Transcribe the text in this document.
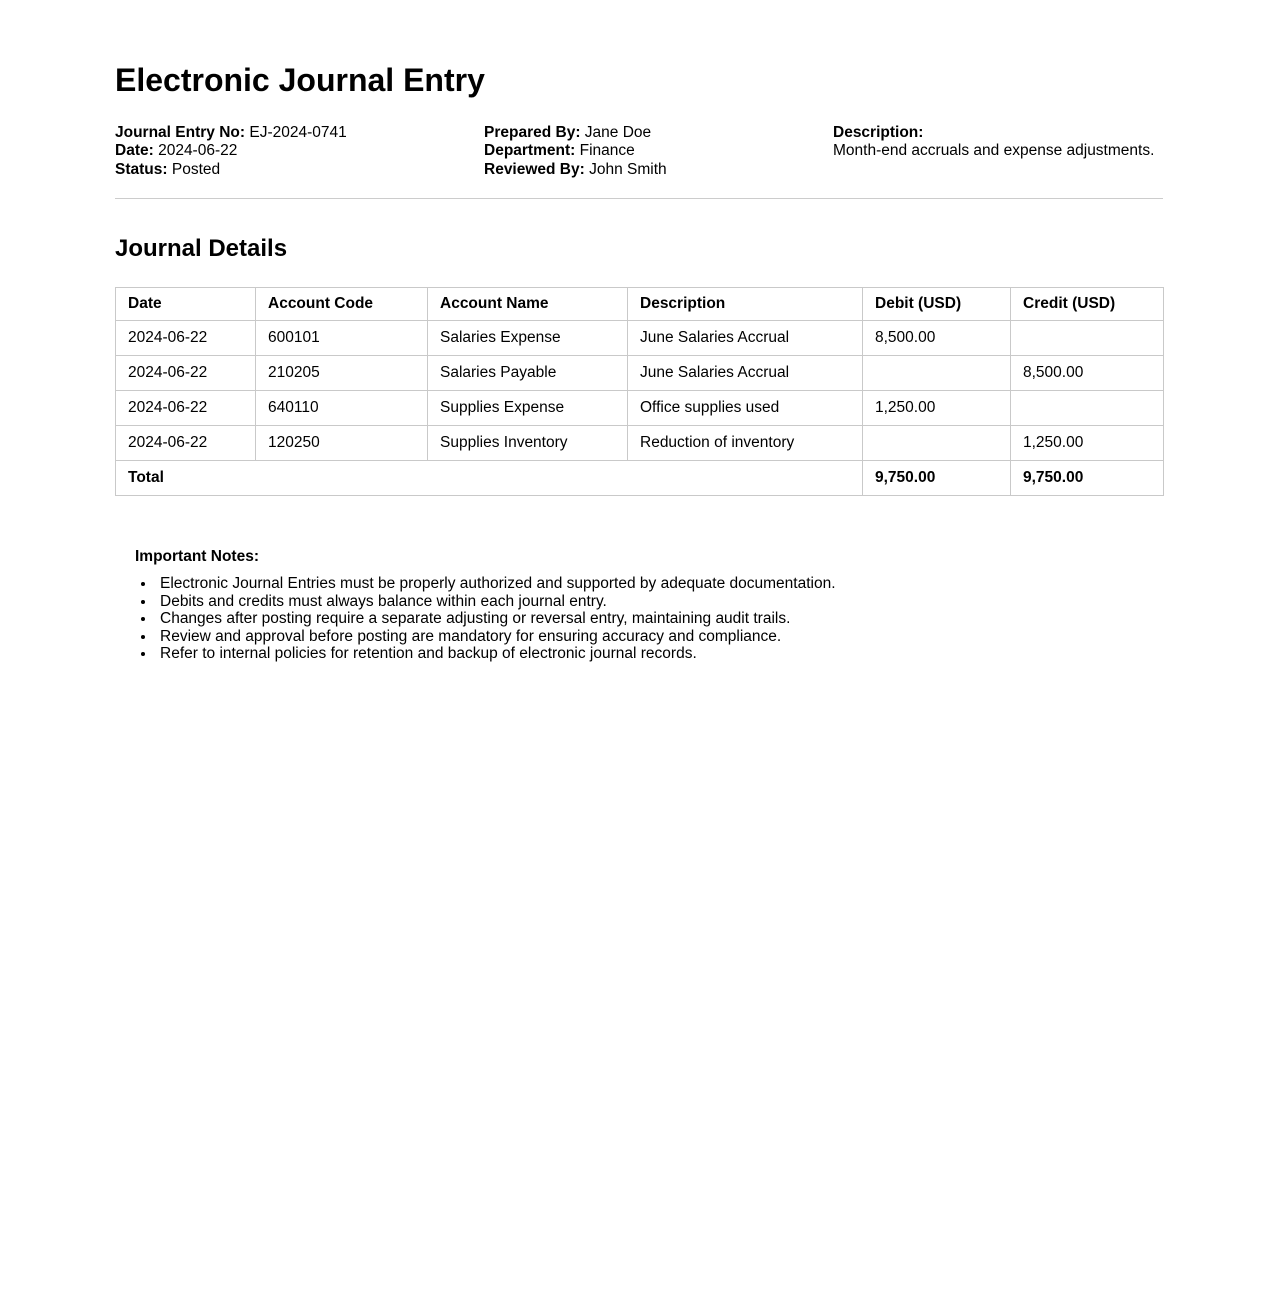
Electronic Journal Entry
Journal Entry No: EJ-2024-0741
Date: 2024-06-22
Status: Posted
Prepared By: Jane Doe
Department: Finance
Reviewed By: John Smith
Description:
Month-end accruals and expense adjustments.
Journal Details
Date	Account Code	Account Name	Description	Debit (USD)	Credit (USD)
2024-06-22	600101	Salaries Expense	June Salaries Accrual	8,500.00	
2024-06-22	210205	Salaries Payable	June Salaries Accrual		8,500.00
2024-06-22	640110	Supplies Expense	Office supplies used	1,250.00	
2024-06-22	120250	Supplies Inventory	Reduction of inventory		1,250.00
Total				9,750.00	9,750.00
Important Notes:
• Electronic Journal Entries must be properly authorized and supported by adequate documentation.
• Debits and credits must always balance within each journal entry.
• Changes after posting require a separate adjusting or reversal entry, maintaining audit trails.
• Review and approval before posting are mandatory for ensuring accuracy and compliance.
• Refer to internal policies for retention and backup of electronic journal records.
